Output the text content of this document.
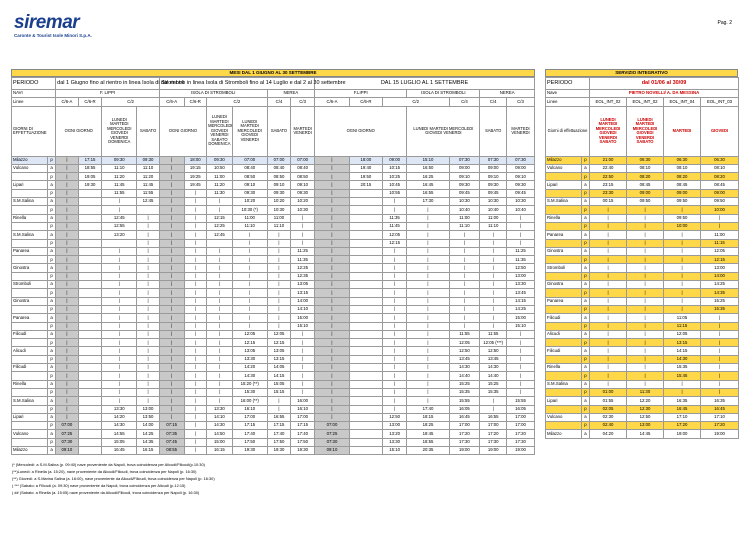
siremar
Caronte & Tourist Isole Minori S.p.A.
Pag. 2
MESI DAL 1 GIUGNO AL 30 SETTEMBRE
PERIODO		dal 1 Giugno fino al rientro in linea Isola di Stromboli				dal rientro in linea Isola di Stromboli fino al 14 Luglio e dal 2 al 30 settembre						DAL 15 LUGLIO AL 1 SETTEMBRE						
NAVI		F. LIPPI				ISOLA DI STROMBOLI				NEREA		F.LIPPI			ISOLA DI STROMBOLI		NEREA	
Linee		C/6-A	C/6-R	C/2		C/6-A	C/6-R	C/2		C/4	C/3	C/6-A	C/6-R	C/2		C/4	C/4	C/3
GIORNI DI EFFETTUAZIONE		OGNI GIORNO		LUNEDI MARTEDI MERCOLEDI GIOVEDI VENERDI DOMENICA	SABATO	OGNI GIORNO		LUNEDI MARTEDI MERCOLEDI GIOVEDI VENERDI SABATO DOMENICA	LUNEDI MARTEDI MERCOLEDI GIOVEDI VENERDI	SABATO	MARTEDI VENERDI	OGNI GIORNO			LUNEDI MARTEDI MERCOLEDI GIOVEDI VENERDI		SABATO	MARTEDI VENERDI
Milazzo	p	|	17:15	09:30	09:30	|	18:00	09:30	07:00	07:00	07:00	|	18:00	09:00	15:10	07:30	07:30	07:30
Vulcano	a	|	18:55	11:10	11:10	|	19:15	10:50	08:40	08:40	08:40	|	19:40	10:15	16:50	09:00	09:00	09:00
	p	|	19:05	11:20	11:20	|	19:25	11:00	08:50	08:50	08:50	|	19:50	10:25	16:25	09:10	09:10	09:10
Lipari	a	|	19:30	11:45	11:45	|	19:45	11:20	09:10	09:10	09:10	|	20:15	10:45	16:45	09:30	09:30	09:30
	p	|		11:55	11:55	|	|	11:30	09:30	09:30	09:30	|		10:55	16:55	09:45	09:45	09:45
S.M.Salina	a	|		|	12:45	|	|	|	10:20	10:20	10:20	|		|	17:30	10:30	10:30	10:30
	p	|		|		|	|	|	10:30 (*)	10:30	10:30	|		|	|	10:40	10:40	10:40
Rinella	a	|		12:45	|	|	|	12:15	11:00	11:00	|	|		11:35	|	11:00	11:00	|
	p	|		12:55	|	|	|	12:25	11:10	11:10	|	|		11:45	|	11:10	11:10	|
S.M.Salina	a	|		13:20	|	|	|	12:45	|	|	|	|		12:05	|	|	|	|
	p	|			|	|	|		|	|	|	|		12:15	|	|	|	|
Panarea	a	|		|	|	|	|	|	|	|	11:25	|		|	|	|	|	11:25
	p	|		|	|	|	|	|	|	|	11:35	|		|	|	|	|	11:35
Ginostra	a	|		|	|	|	|	|	|	|	12:25	|		|	|	|	|	12:50
	p	|		|	|	|	|	|	|	|	12:35	|		|	|	|	|	13:00
Stromboli	a	|		|	|	|	|	|	|	|	13:05	|		|	|	|	|	13:30
	p	|		|	|	|	|	|	|	|	13:15	|		|	|	|	|	13:45
Ginostra	a	|		|	|	|	|	|	|	|	14:00	|		|	|	|	|	14:15
	p	|		|	|	|	|	|	|	|	14:10	|		|	|	|	|	14:25
Panarea	a	|		|	|	|	|	|	|	|	15:00	|		|	|	|	|	15:00
	p	|		|	|	|	|	|	|	|	15:10	|		|	|	|	|	15:10
Filicudi	a	|		|	|	|	|	|	12:05	12:05	|	|		|	|	11:55	11:55	|
	p	|		|	|	|	|	|	12:15	12:15	|	|		|	|	12:05	12:05 (***)	|
Alicudi	a	|		|	|	|	|	|	13:05	13:05	|	|		|	|	12:50	12:50	|
	p	|		|	|	|	|	|	13:30	13:15	|	|		|	|	13:45	13:45	|
Filicudi	a	|		|	|	|	|	|	14:20	14:05	|	|		|	|	14:30	14:30	|
	p	|		|	|	|	|	|	14:30	14:15	|	|		|	|	14:40	14:40	|
Rinella	a	|		|	|	|	|	|	15:20 (**)	15:05	|	|		|	|	15:25	15:25	|
	p	|		|	|	|	|	|	15:30	15:15	|	|		|	|	15:35	15:35	|
S.M.Salina	a	|		|	|	|	|	|	16:00 (**)	|	16:00	|		|	|	15:55	|	15:55
	p	|		13:30	13:00	|	|	13:30	16:10	|	16:10	|		|	17:40	16:05	|	16:05
Lipari	a	|		14:20	13:50	|	|	14:10	17:00	16:55	17:00	|		12:50	18:15	16:45	16:55	17:00
	p	07:00		14:30	14:00	07:15	|	14:30	17:15	17:15	17:15	07:00		13:00	18:25	17:00	17:00	17:00
Vulcano	a	07:25		14:55	14:25	07:35	|	14:50	17:40	17:40	17:40	07:25		13:20	18:45	17:20	17:20	17:20
	p	07:30		15:05	14:35	07:45	|	15:00	17:50	17:50	17:50	07:30		13:30	18:55	17:30	17:30	17:30
Milazzo	a	09:10		16:45	16:15	08:55	|	16:15	19:30	19:30	19:30	09:10		15:10	20:35	19:00	19:00	19:00
SERVIZIO INTEGRATIVO
PERIODO		dal 01/06 al 30/09			
Nave		PIETRO NOVELLI/ A. DA MESSINA			
Linee		EOL_INT_02	EOL_INT_02	EOL_INT_04	EOL_INT_03
Giorni di effettuazione		LUNEDI MARTEDI MERCOLEDI GIOVEDI VENERDI SABATO	LUNEDI MARTEDI MERCOLEDI GIOVEDI VENERDI SABATO	MARTEDI	GIOVEDI
Milazzo	p	21:00	06:30	06:30	06:30
Vulcano	a	22:40	08:10	08:10	08:10
	p	22:50	08:20	08:20	08:20
Lipari	a	23:15	08:45	08:45	08:45
	p	23:30	09:00	09:00	09:00
S.M.Salina	a	00:15	09:50	09:50	09:50
	p	|	|	|	10:00
Rinella	a	|	|	09:50	|
	p	|	|	10:00	|
Panarea	a	|	|	|	11:00
	p	|	|	|	11:15
Ginostra	a	|	|	|	12:05
	p	|	|	|	12:15
Stromboli	a	|	|	|	13:00
	p	|	|	|	14:00
Ginostra	a	|	|	|	14:25
	p	|	|	|	14:35
Panarea	a	|	|	|	15:25
	p	|	|	|	15:35
Filicudi	a	|	|	11:05	|
	p	|	|	11:15	|
Alicudi	a	|	|	12:05	|
	p	|	|	13:15	|
Filicudi	a	|	|	14:15	|
	p	|	|	14:30	|
Rinella	a	|	|	15:35	|
	p	|	|	15:45	|
S.M.Salina	a	|	|	|	|
	p	01:00	11:30	|	|
Lipari	a	01:55	12:20	16:35	16:35
	p	02:05	12:30	16:45	16:45
Vulcano	a	02:30	12:50	17:10	17:10
	p	02:40	13:00	17:20	17:20
Milazzo	a	04:20	14:45	19:00	19:00
(* )Mercoledì: a S.M.Salina (p. 09:40) nave proveniente da Napoli, trova coincidenza per Alicudi/Filicudi(p.10:30)
(**)Lunedì: a Rinella (a. 15:20), nave proveniente da Alicudi/Filicudi, trova coincidenza per Napoli (p. 16:30)
(**) Giovedì: a S.Marina Salina (a. 16:00), nave proveniente da Alicudi/Filicudi, trova coincidenza per Napoli (p. 16:30)
( *** )Sabato: a Filicudi (a. 09:30) nave proveniente da Napoli, trova coincidenza per Alicudi (p.12:15)
( ## )Sabato: a Rinella (a. 15:05) nave proveniente da Alicudi/Filicudi, trova coincidenza per Napoli (p. 16:30)
